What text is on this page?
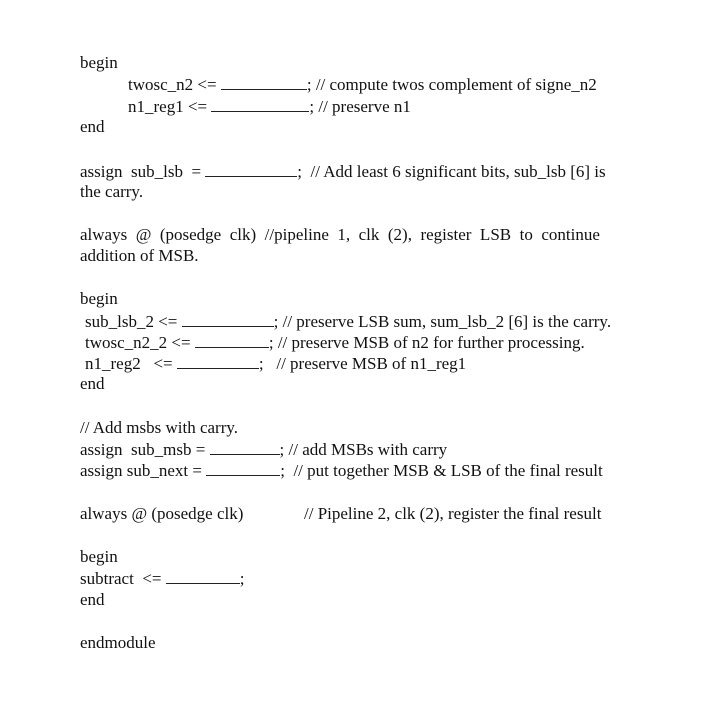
begin
twosc_n2 <=	; // compute twos complement of signe_n2
n1_reg1 <=	; // preserve n1
end
assign  sub_lsb  =	;  // Add least 6 significant bits, sub_lsb [6] is
the carry.
always  @  (posedge  clk)  //pipeline  1,  clk  (2),  register  LSB  to  continue
addition of MSB.
begin
sub_lsb_2 <=	; // preserve LSB sum, sum_lsb_2 [6] is the carry.
twosc_n2_2 <=	; // preserve MSB of n2 for further processing.
n1_reg2   <=	;   // preserve MSB of n1_reg1
end
// Add msbs with carry.
assign  sub_msb =	; // add MSBs with carry
assign sub_next =	;  // put together MSB & LSB of the final result
always @ (posedge clk)	// Pipeline 2, clk (2), register the final result
begin
subtract  <=	;
end
endmodule
